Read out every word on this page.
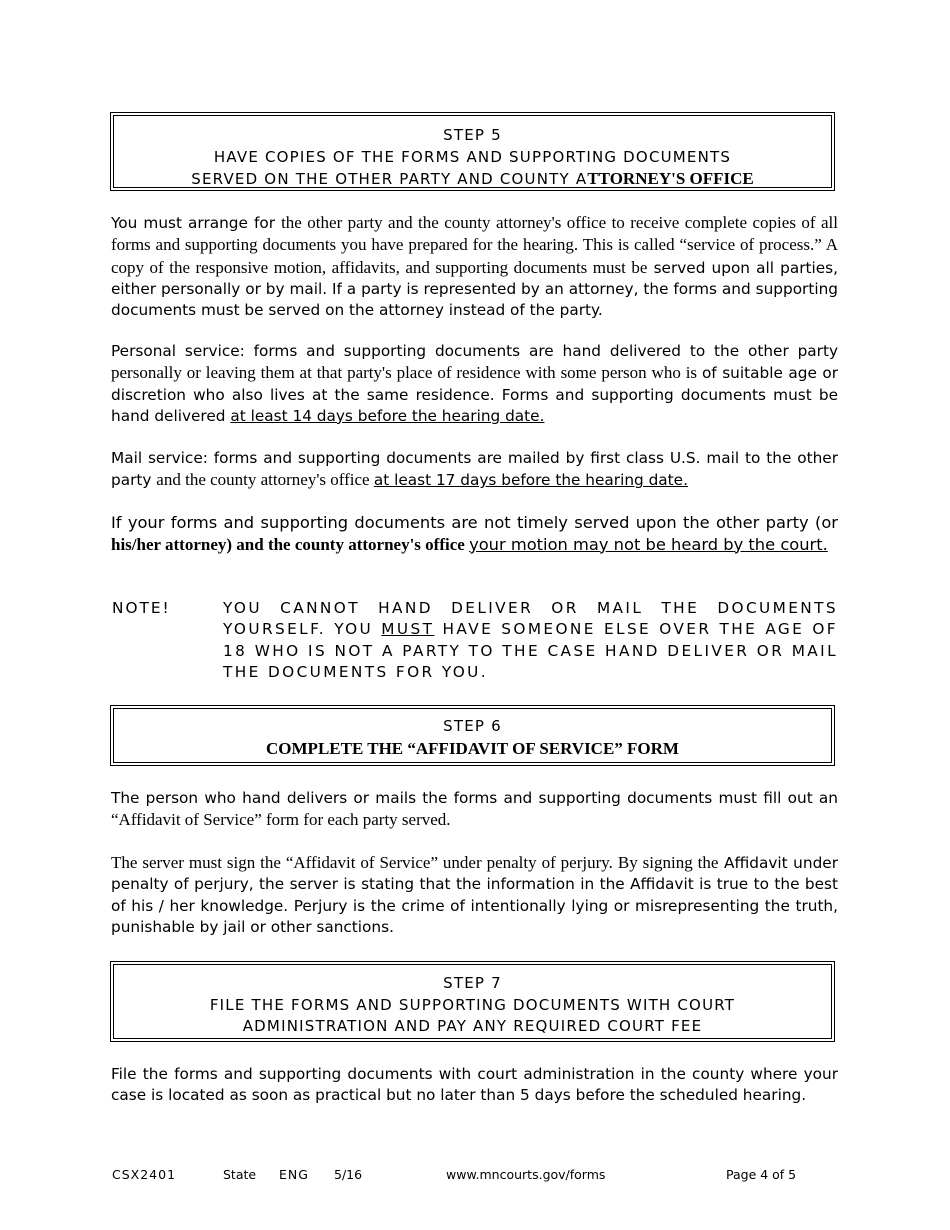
STEP 5
HAVE COPIES OF THE FORMS AND SUPPORTING DOCUMENTS
SERVED ON THE OTHER PARTY AND COUNTY ATTORNEY'S OFFICE

You must arrange for the other party and the county attorney's office to receive complete copies of all forms and supporting documents you have prepared for the hearing. This is called “service of process.” A copy of the responsive motion, affidavits, and supporting documents must be served upon all parties, either personally or by mail. If a party is represented by an attorney, the forms and supporting documents must be served on the attorney instead of the party.

Personal service: forms and supporting documents are hand delivered to the other party personally or leaving them at that party's place of residence with some person who is of suitable age or discretion who also lives at the same residence. Forms and supporting documents must be hand delivered at least 14 days before the hearing date.

Mail service: forms and supporting documents are mailed by first class U.S. mail to the other party and the county attorney's office at least 17 days before the hearing date.

If your forms and supporting documents are not timely served upon the other party (or his/her attorney) and the county attorney's office your motion may not be heard by the court.

NOTE!	YOU CANNOT HAND DELIVER OR MAIL THE DOCUMENTS YOURSELF. YOU MUST HAVE SOMEONE ELSE OVER THE AGE OF 18 WHO IS NOT A PARTY TO THE CASE HAND DELIVER OR MAIL THE DOCUMENTS FOR YOU.

STEP 6
COMPLETE THE “AFFIDAVIT OF SERVICE” FORM

The person who hand delivers or mails the forms and supporting documents must fill out an “Affidavit of Service” form for each party served.

The server must sign the “Affidavit of Service” under penalty of perjury. By signing the Affidavit under penalty of perjury, the server is stating that the information in the Affidavit is true to the best of his / her knowledge. Perjury is the crime of intentionally lying or misrepresenting the truth, punishable by jail or other sanctions.

STEP 7
FILE THE FORMS AND SUPPORTING DOCUMENTS WITH COURT
ADMINISTRATION AND PAY ANY REQUIRED COURT FEE

File the forms and supporting documents with court administration in the county where your case is located as soon as practical but no later than 5 days before the scheduled hearing.

CSX2401	State ENG 5/16	www.mncourts.gov/forms	Page 4 of 5
